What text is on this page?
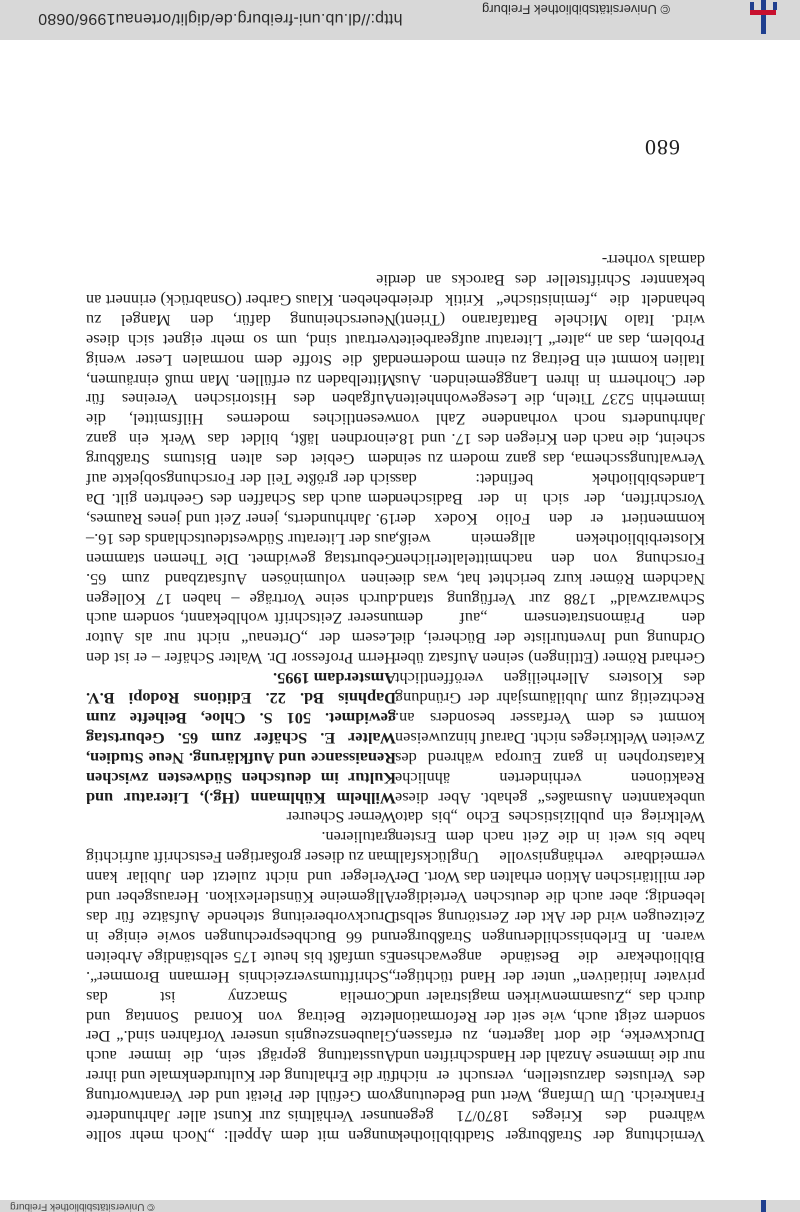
http://dl.ub.uni-freiburg.de/diglit/ortenau1996/0680
© Universitätsbibliothek Freiburg

Vernichtung der Straßburger Stadtbibliothek während des Krieges 1870/71 gegen Frankreich. Um Umfang, Wert und Bedeutung des Verlustes darzustellen, versucht er nicht nur die immense Anzahl der Handschriften und Druckwerke, die dort lagerten, zu erfassen, sondern zeigt auch, wie seit der Reformation durch das „Zusammenwirken magistraler und privater Initiativen“ unter der Hand tüchtiger Bibliothekare die Bestände angewachsen waren. In Erlebnisschilderungen Straßburger Zeitzeugen wird der Akt der Zerstörung selbst lebendig; aber auch die deutschen Verteidiger der militärischen Aktion erhalten das Wort. Der vermeidbare verhängnisvolle Unglücksfall habe bis weit in die Zeit nach dem Ersten Weltkrieg ein publizistisches Echo „bis dato unbekannten Ausmaßes“ gehabt. Aber diese Reaktionen verhinderten ähnliche Katastrophen in ganz Europa während des Zweiten Weltkrieges nicht. Darauf hinzuweisen kommt es dem Verfasser besonders an. Rechtzeitig zum Jubiläumsjahr der Gründung des Klosters Allerheiligen veröffentlicht Gerhard Römer (Ettlingen) seinen Aufsatz über Ordnung und Inventurliste der Bücherei, die den Prämonstratensern „auf dem Schwarzwald“ 1788 zur Verfügung stand. Nachdem Römer kurz berichtet hat, was die Forschung von den nachmittelalterlichen Klosterbibliotheken allgemein weiß, kommentiert er den Folio Kodex der Vorschriften, der sich in der Badischen Landesbibliothek befindet: das Verwaltungsschema, das ganz modern zu sein scheint, die nach den Kriegen des 17. und 18. Jahrhunderts noch vorhandene Zahl von immerhin 5237 Titeln, die Lesegewohnheiten der Chorherrn in ihren Langgemeinden. Aus Italien kommt ein Beitrag zu einem modernen Problem, das an „alter“ Literatur aufgearbeitet wird. Italo Michele Battafarano (Trient) behandelt die „feministische“ Kritik dreier bekannter Schriftsteller des Barocks an der damals vorherr-

nungen mit dem Appell: „Noch mehr sollte unser Verhältnis zur Kunst aller Jahrhunderte vom Gefühl der Pietät und der Verantwortung für die Erhaltung der Kulturdenkmale und ihrer Ausstattung geprägt sein, die immer auch Glaubenszeugnis unserer Vorfahren sind.“ Der letzte Beitrag von Konrad Sonntag und Cornelia Smaczny ist das „Schrifttumsverzeichnis Hermann Brommer“. Es umfaßt bis heute 175 selbständige Arbeiten und 66 Buchbesprechungen sowie einige in Druckvorbereitung stehende Aufsätze für das Allgemeine Künstlerlexikon. Herausgeber und Verleger und nicht zuletzt den Jubilar kann man zu dieser großartigen Festschrift aufrichtig gratulieren.

Werner Scheurer

Wilhelm Kühlmann (Hg.), Literatur und Kultur im deutschen Südwesten zwischen Renaissance und Aufklärung. Neue Studien, Walter E. Schäfer zum 65. Geburtstag gewidmet. 501 S. Chloe, Beihefte zum Daphnis Bd. 22. Editions Rodopi B.V. Amsterdam 1995.

Herrn Professor Dr. Walter Schäfer – er ist den Lesern der „Ortenau“ nicht nur als Autor unserer Zeitschrift wohlbekannt, sondern auch durch seine Vorträge – haben 17 Kollegen einen voluminösen Aufsatzband zum 65. Geburtstag gewidmet. Die Themen stammen aus der Literatur Südwestdeutschlands des 16.–19. Jahrhunderts, jener Zeit und jenes Raumes, dem auch das Schaffen des Geehrten gilt. Da sich der größte Teil der Forschungsobjekte auf dem Gebiet des alten Bistums Straßburg einordnen läßt, bildet das Werk ein ganz wesentliches modernes Hilfsmittel, die Aufgaben des Historischen Vereines für Mittelbaden zu erfüllen. Man muß einräumen, daß die Stoffe dem normalen Leser wenig vertraut sind, um so mehr eignet sich diese Neuerscheinung dafür, den Mangel zu beheben. Klaus Garber (Osnabrück) erinnert an die

680
© Universitätsbibliothek Freiburg
